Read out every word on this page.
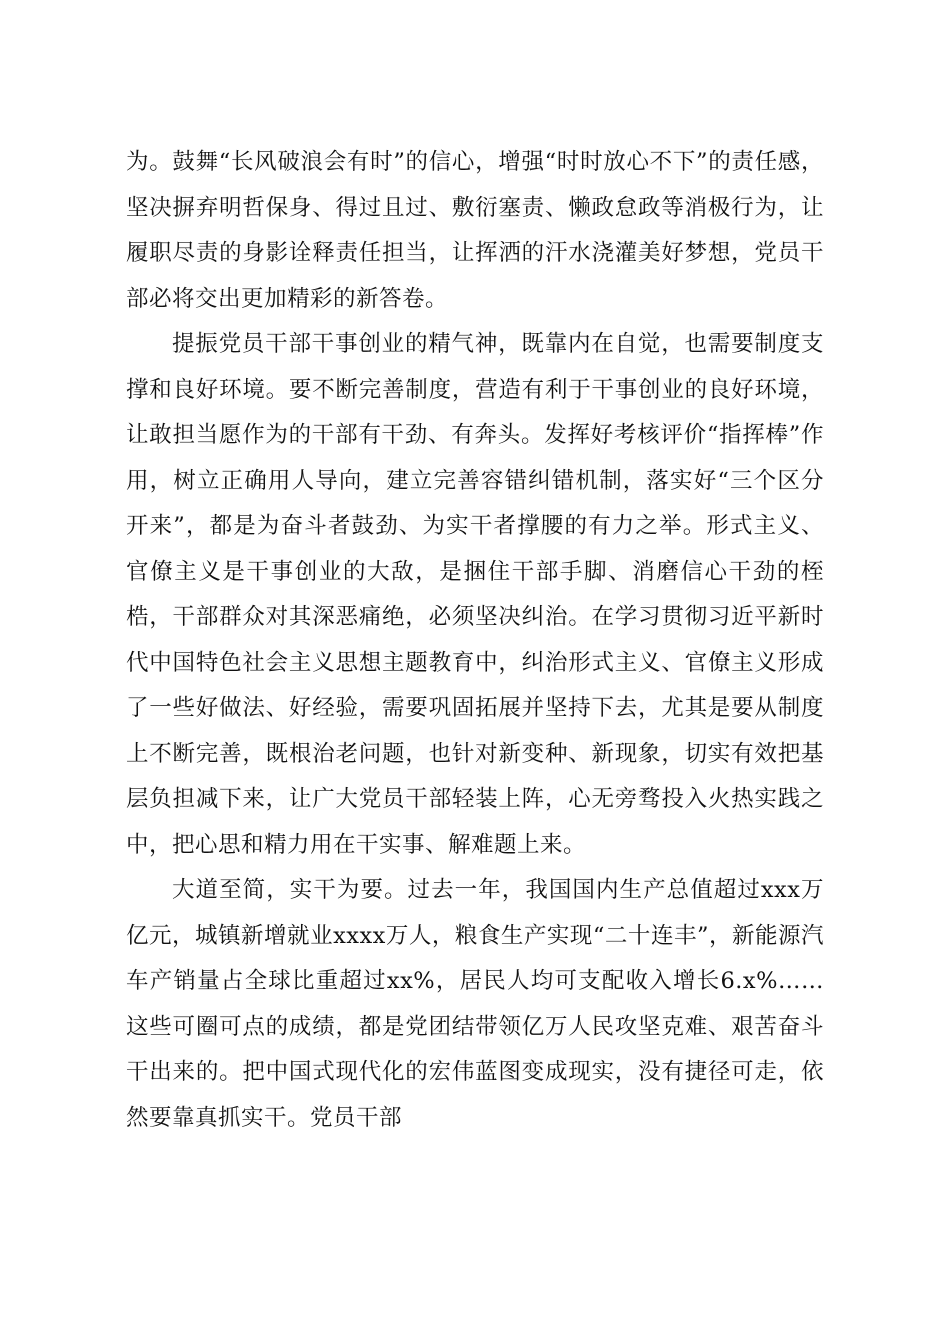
为。鼓舞“长风破浪会有时”的信心，增强“时时放心不下”的责任感，坚决摒弃明哲保身、得过且过、敷衍塞责、懒政怠政等消极行为，让履职尽责的身影诠释责任担当，让挥洒的汗水浇灌美好梦想，党员干部必将交出更加精彩的新答卷。

提振党员干部干事创业的精气神，既靠内在自觉，也需要制度支撑和良好环境。要不断完善制度，营造有利于干事创业的良好环境，让敢担当愿作为的干部有干劲、有奔头。发挥好考核评价“指挥棒”作用，树立正确用人导向，建立完善容错纠错机制，落实好“三个区分开来”，都是为奋斗者鼓劲、为实干者撑腰的有力之举。形式主义、官僚主义是干事创业的大敌，是捆住干部手脚、消磨信心干劲的桎梏，干部群众对其深恶痛绝，必须坚决纠治。在学习贯彻习近平新时代中国特色社会主义思想主题教育中，纠治形式主义、官僚主义形成了一些好做法、好经验，需要巩固拓展并坚持下去，尤其是要从制度上不断完善，既根治老问题，也针对新变种、新现象，切实有效把基层负担减下来，让广大党员干部轻装上阵，心无旁骛投入火热实践之中，把心思和精力用在干实事、解难题上来。

大道至简，实干为要。过去一年，我国国内生产总值超过xxx万亿元，城镇新增就业xxxx万人，粮食生产实现“二十连丰”，新能源汽车产销量占全球比重超过xx%，居民人均可支配收入增长6.x%……这些可圈可点的成绩，都是党团结带领亿万人民攻坚克难、艰苦奋斗干出来的。把中国式现代化的宏伟蓝图变成现实，没有捷径可走，依然要靠真抓实干。党员干部
